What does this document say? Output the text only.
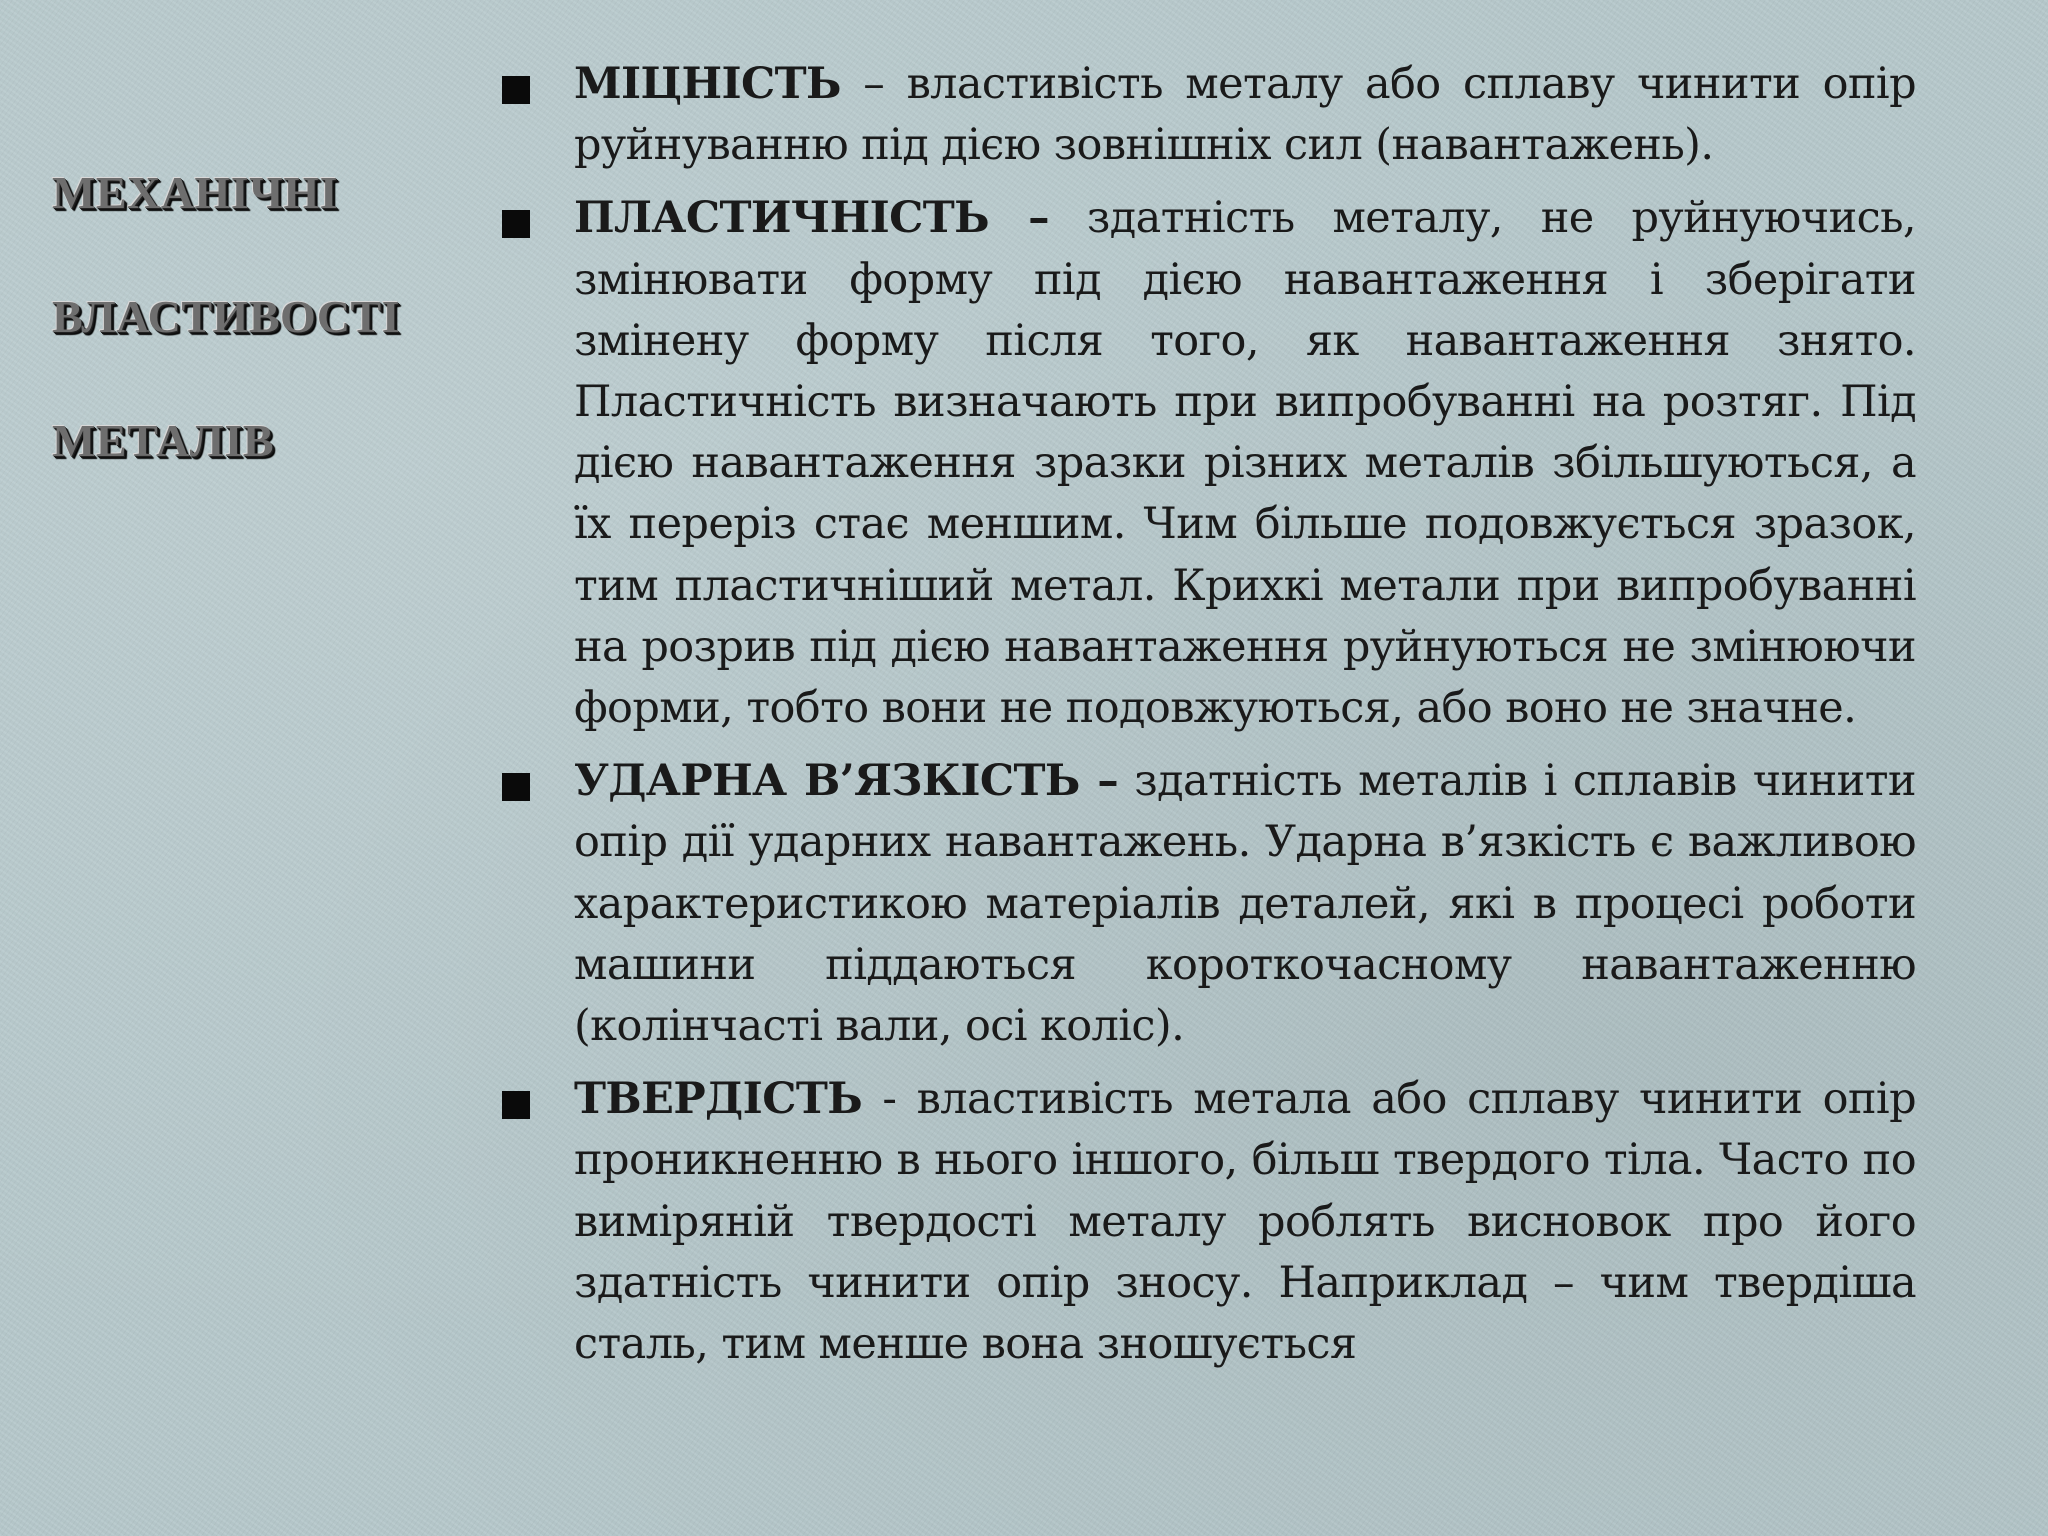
МЕХАНІЧНІ
ВЛАСТИВОСТІ
МЕТАЛІВ

МІЦНІСТЬ – властивість металу або сплаву чинити опір руйнуванню під дією зовнішніх сил (навантажень).

ПЛАСТИЧНІСТЬ – здатність металу, не руйнуючись, змінювати форму під дією навантаження і зберігати змінену форму після того, як навантаження знято. Пластичність визначають при випробуванні на розтяг. Під дією навантаження зразки різних металів збільшуються, а їх переріз стає меншим. Чим більше подовжується зразок, тим пластичніший метал. Крихкі метали при випробуванні на розрив під дією навантаження руйнуються не змінюючи форми, тобто вони не подовжуються, або воно не значне.

УДАРНА В’ЯЗКІСТЬ – здатність металів і сплавів чинити опір дії ударних навантажень. Ударна в’язкість є важливою характеристикою матеріалів деталей, які в процесі роботи машини піддаються короткочасному навантаженню (колінчасті вали, осі коліс).

ТВЕРДІСТЬ - властивість метала або сплаву чинити опір проникненню в нього іншого, більш твердого тіла. Часто по виміряній твердості металу роблять висновок про його здатність чинити опір зносу. Наприклад – чим твердіша сталь, тим менше вона зношується
